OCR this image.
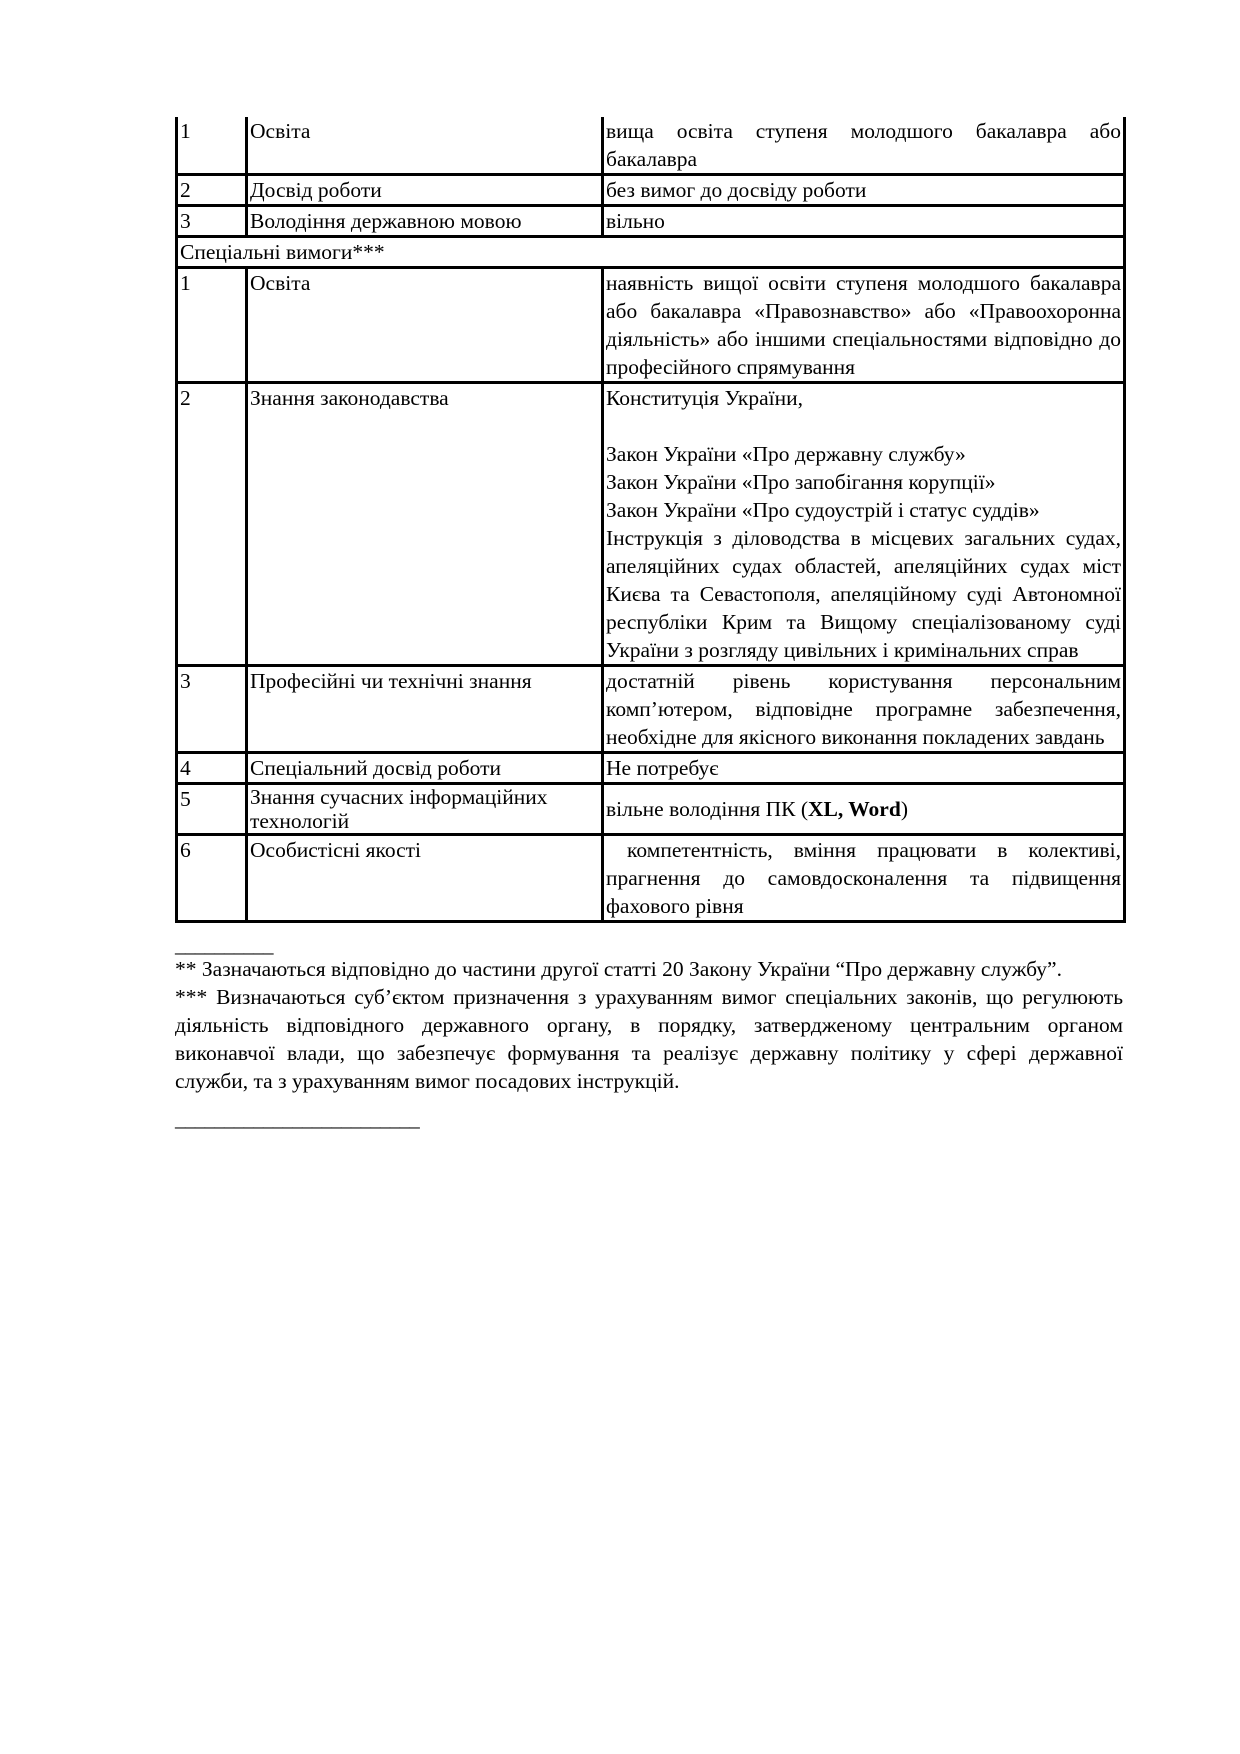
1	Освіта	вища освіта ступеня молодшого бакалавра або бакалавра
2	Досвід роботи	без вимог до досвіду роботи
3	Володіння державною мовою	вільно
Спеціальні вимоги***		
1	Освіта	наявність вищої освіти ступеня молодшого бакалавра або бакалавра «Правознавство» або «Правоохоронна діяльність» або іншими спеціальностями відповідно до професійного спрямування
2	Знання законодавства	Конституція України,
Закон України «Про державну службу»
Закон України «Про запобігання корупції»
Закон України «Про судоустрій і статус суддів»
Інструкція з діловодства в місцевих загальних судах, апеляційних судах областей, апеляційних судах міст Києва та Севастополя, апеляційному суді Автономної республіки Крим та Вищому спеціалізованому суді України з розгляду цивільних і кримінальних справ

3	Професійні чи технічні знання	достатній рівень користування персональним комп’ютером, відповідне програмне забезпечення, необхідне для якісного виконання покладених завдань
4	Спеціальний досвід роботи	Не потребує
5	Знання сучасних інформаційних технологій	вільне володіння ПК (XL, Word)
6	Особистісні якості	компетентність, вміння працювати в колективі, прагнення до самовдосконалення та підвищення фахового рівня
__________

** Зазначаються відповідно до частини другої статті 20 Закону України “Про державну службу”.

*** Визначаються суб’єктом призначення з урахуванням вимог спеціальних законів, що регулюють діяльність відповідного державного органу, в порядку, затвердженому центральним органом виконавчої влади, що забезпечує формування та реалізує державну політику у сфері державної служби, та з урахуванням вимог посадових інструкцій.

_________________________
